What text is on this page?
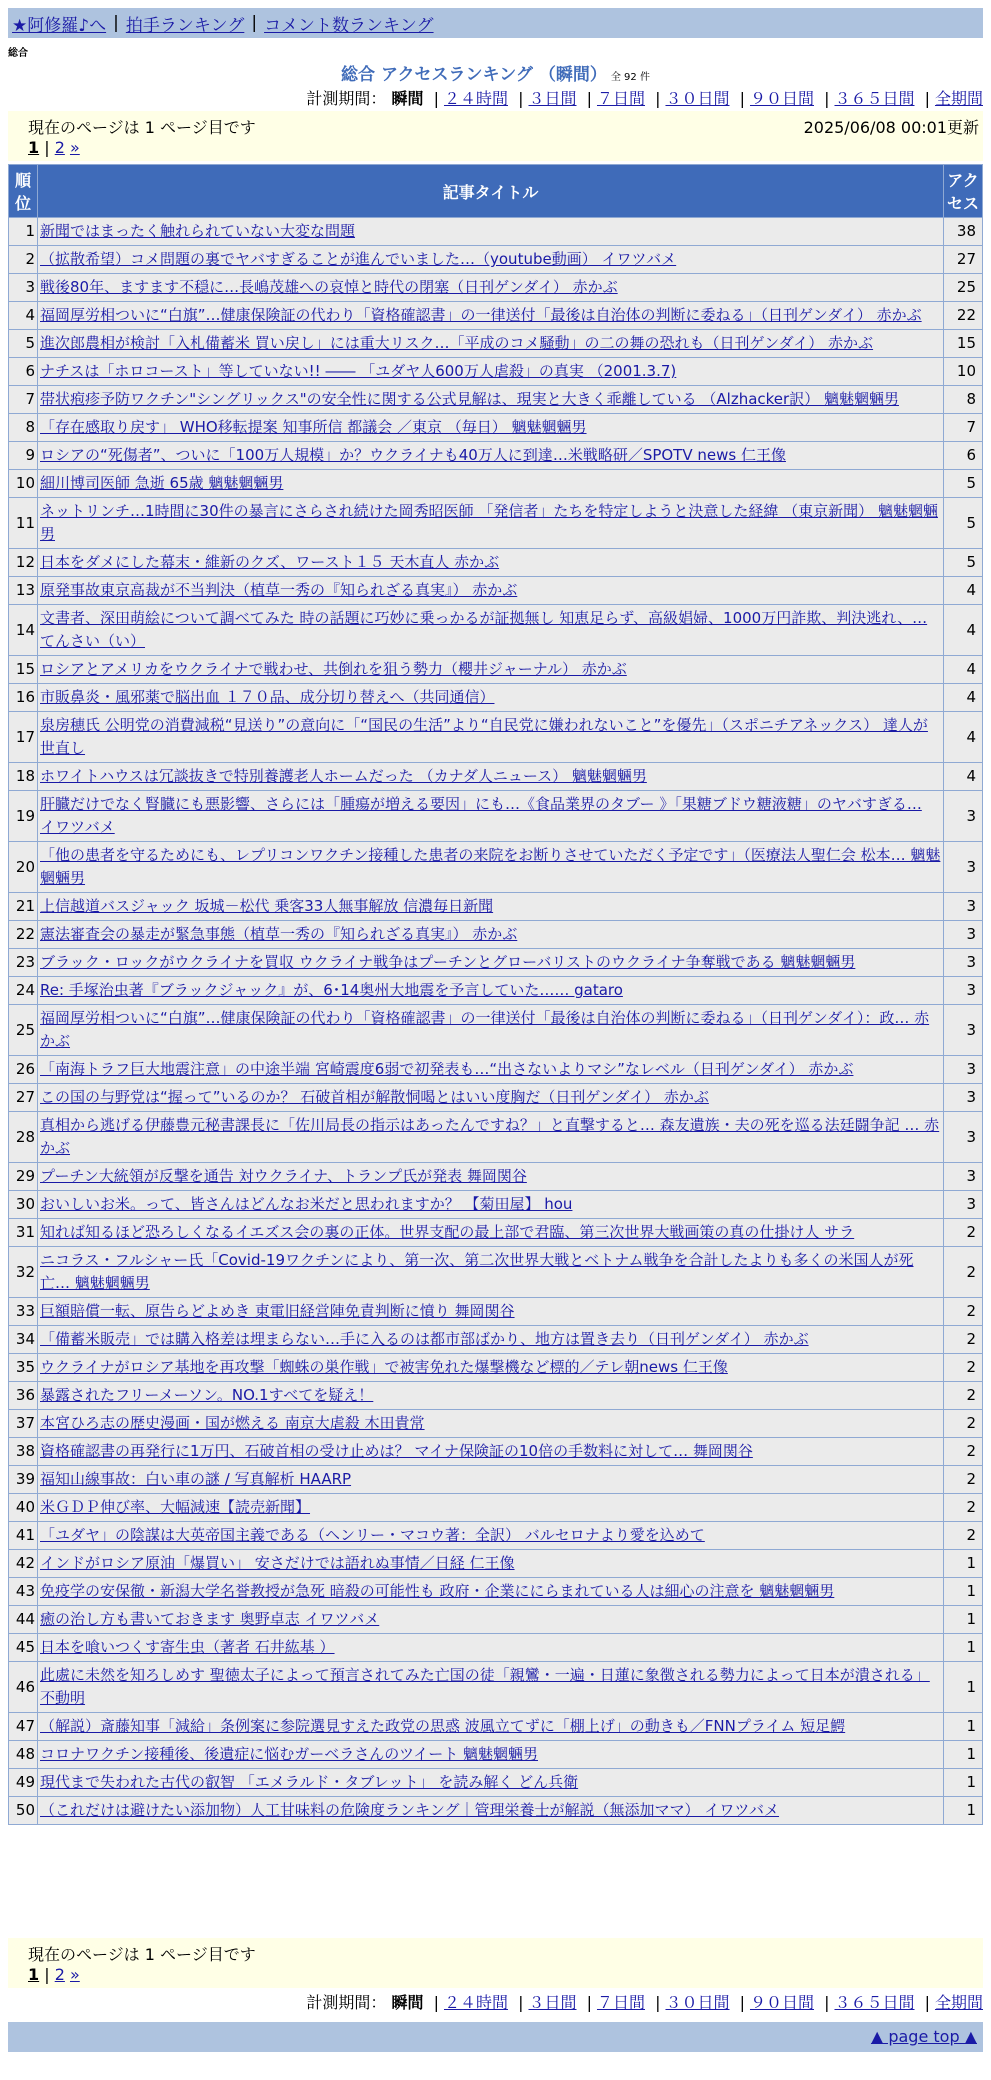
★阿修羅♪へ | 拍手ランキング | コメント数ランキング
総合
総合 アクセスランキング （瞬間） 全 92 件
計測期間： 瞬間 | ２４時間 | ３日間 | ７日間 | ３０日間 | ９０日間 | ３６５日間 | 全期間
現在のページは 1 ページ目です	2025/06/08 00:01更新
1 | 2 »
順位	記事タイトル	アクセス
1	新聞ではまったく触れられていない大変な問題	38
2	（拡散希望）コメ問題の裏でヤバすぎることが進んでいました…（youtube動画） イワツバメ	27
3	戦後80年、ますます不穏に…長嶋茂雄への哀悼と時代の閉塞（日刊ゲンダイ） 赤かぶ	25
4	福岡厚労相ついに“白旗”…健康保険証の代わり「資格確認書」の一律送付「最後は自治体の判断に委ねる」（日刊ゲンダイ） 赤かぶ	22
5	進次郎農相が検討「入札備蓄米 買い戻し」には重大リスク…「平成のコメ騒動」の二の舞の恐れも（日刊ゲンダイ） 赤かぶ	15
6	ナチスは「ホロコースト」等していない!! ―― 「ユダヤ人600万人虐殺」の真実 （2001.3.7)	10
7	帯状疱疹予防ワクチン"シングリックス"の安全性に関する公式見解は、現実と大きく乖離している （Alzhacker訳） 魑魅魍魎男	8
8	「存在感取り戻す」 WHO移転提案 知事所信 都議会 ／東京 （毎日） 魑魅魍魎男	7
9	ロシアの“死傷者”、ついに「100万人規模」か？ウクライナも40万人に到達…米戦略研／SPOTV news 仁王像	6
10	細川博司医師 急逝 65歳 魑魅魍魎男	5
11	ネットリンチ…1時間に30件の暴言にさらされ続けた岡秀昭医師 「発信者」たちを特定しようと決意した経緯 （東京新聞） 魑魅魍魎男	5
12	日本をダメにした幕末・維新のクズ、ワースト１５ 天木直人 赤かぶ	5
13	原発事故東京高裁が不当判決（植草一秀の『知られざる真実』） 赤かぶ	4
14	文書者、深田萌絵について調べてみた 時の話題に巧妙に乗っかるが証拠無し 知恵足らず、高級娼婦、1000万円詐欺、判決逃れ、… てんさい（い）	4
15	ロシアとアメリカをウクライナで戦わせ、共倒れを狙う勢力（櫻井ジャーナル） 赤かぶ	4
16	市販鼻炎・風邪薬で脳出血 １７０品、成分切り替えへ（共同通信）	4
17	泉房穂氏 公明党の消費減税“見送り”の意向に「“国民の生活”より“自民党に嫌われないこと”を優先」（スポニチアネックス） 達人が世直し	4
18	ホワイトハウスは冗談抜きで特別養護老人ホームだった （カナダ人ニュース） 魑魅魍魎男	4
19	肝臓だけでなく腎臓にも悪影響、さらには「腫瘍が増える要因」にも…《食品業界のタブー 》「果糖ブドウ糖液糖」のヤバすぎる… イワツバメ	3
20	「他の患者を守るためにも、レプリコンワクチン接種した患者の来院をお断りさせていただく予定です」（医療法人聖仁会 松本… 魑魅魍魎男	3
21	上信越道バスジャック 坂城－松代 乗客33人無事解放 信濃毎日新聞	3
22	憲法審査会の暴走が緊急事態（植草一秀の『知られざる真実』） 赤かぶ	3
23	ブラック・ロックがウクライナを買収 ウクライナ戦争はプーチンとグローバリストのウクライナ争奪戦である 魑魅魍魎男	3
24	Re: 手塚治虫著『ブラックジャック』が、6･14奥州大地震を予言していた…… gataro	3
25	福岡厚労相ついに“白旗”…健康保険証の代わり「資格確認書」の一律送付「最後は自治体の判断に委ねる」（日刊ゲンダイ）：政… 赤かぶ	3
26	「南海トラフ巨大地震注意」の中途半端 宮崎震度6弱で初発表も…“出さないよりマシ”なレベル（日刊ゲンダイ） 赤かぶ	3
27	この国の与野党は“握って”いるのか？ 石破首相が解散恫喝とはいい度胸だ（日刊ゲンダイ） 赤かぶ	3
28	真相から逃げる伊藤豊元秘書課長に「佐川局長の指示はあったんですね？」と直撃すると… 森友遺族・夫の死を巡る法廷闘争記 … 赤かぶ	3
29	プーチン大統領が反撃を通告 対ウクライナ、トランプ氏が発表 舞岡関谷	3
30	おいしいお米。って、皆さんはどんなお米だと思われますか？ 【菊田屋】 hou	3
31	知れば知るほど恐ろしくなるイエズス会の裏の正体。世界支配の最上部で君臨、第三次世界大戦画策の真の仕掛け人 サラ	2
32	ニコラス・フルシャー氏「Covid-19ワクチンにより、第一次、第二次世界大戦とベトナム戦争を合計したよりも多くの米国人が死亡… 魑魅魍魎男	2
33	巨額賠償一転、原告らどよめき 東電旧経営陣免責判断に憤り 舞岡関谷	2
34	「備蓄米販売」では購入格差は埋まらない…手に入るのは都市部ばかり、地方は置き去り（日刊ゲンダイ） 赤かぶ	2
35	ウクライナがロシア基地を再攻撃「蜘蛛の巣作戦」で被害免れた爆撃機など標的／テレ朝news 仁王像	2
36	暴露されたフリーメーソン。NO.1すべてを疑え！	2
37	本宮ひろ志の歴史漫画・国が燃える 南京大虐殺 木田貴常	2
38	資格確認書の再発行に1万円、石破首相の受け止めは？ マイナ保険証の10倍の手数料に対して… 舞岡関谷	2
39	福知山線事故：白い車の謎 / 写真解析 HAARP	2
40	米ＧＤＰ伸び率、大幅減速【読売新聞】	2
41	「ユダヤ」の陰謀は大英帝国主義である（ヘンリー・マコウ著：全訳） バルセロナより愛を込めて	2
42	インドがロシア原油「爆買い」 安さだけでは語れぬ事情／日経 仁王像	1
43	免疫学の安保徹・新潟大学名誉教授が急死 暗殺の可能性も 政府・企業ににらまれている人は細心の注意を 魑魅魍魎男	1
44	癒の治し方も書いておきます 奥野卓志 イワツバメ	1
45	日本を喰いつくす寄生虫（著者 石井紘基 ）	1
46	此處に未然を知ろしめす 聖徳太子によって預言されてみた亡国の徒「親鸞・一遍・日蓮に象徴される勢力によって日本が潰される」 不動明	1
47	（解説）斎藤知事「減給」条例案に参院選見すえた政党の思惑 波風立てずに「棚上げ」の動きも／FNNプライム 短足鰐	1
48	コロナワクチン接種後、後遺症に悩むガーベラさんのツイート 魑魅魍魎男	1
49	現代まで失われた古代の叡智 「エメラルド・タブレット」 を読み解く どん兵衛	1
50	（これだけは避けたい添加物）人工甘味料の危険度ランキング｜管理栄養士が解説（無添加ママ） イワツバメ	1
現在のページは 1 ページ目です
1 | 2 »
計測期間： 瞬間 | ２４時間 | ３日間 | ７日間 | ３０日間 | ９０日間 | ３６５日間 | 全期間
▲ page top ▲
